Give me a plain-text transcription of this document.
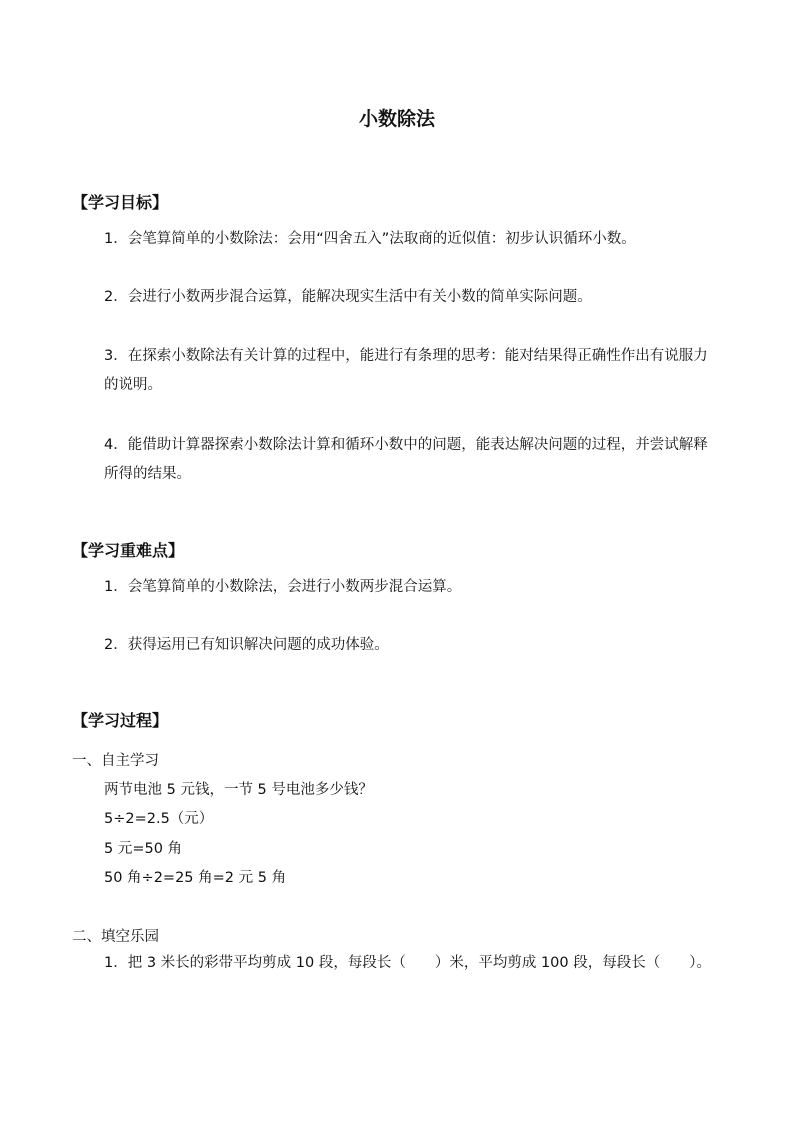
小数除法
【学习目标】
1．会笔算简单的小数除法：会用“四舍五入”法取商的近似值：初步认识循环小数。
2．会进行小数两步混合运算，能解决现实生活中有关小数的简单实际问题。
3．在探索小数除法有关计算的过程中，能进行有条理的思考：能对结果得正确性作出有说服力的说明。
4．能借助计算器探索小数除法计算和循环小数中的问题，能表达解决问题的过程，并尝试解释所得的结果。
【学习重难点】
1．会笔算简单的小数除法，会进行小数两步混合运算。
2．获得运用已有知识解决问题的成功体验。
【学习过程】
一、自主学习
两节电池 5 元钱，一节 5 号电池多少钱？
5÷2=2.5（元）
5 元=50 角
50 角÷2=25 角=2 元 5 角
二、填空乐园
1．把 3 米长的彩带平均剪成 10 段，每段长（　　）米，平均剪成 100 段，每段长（　　）。
